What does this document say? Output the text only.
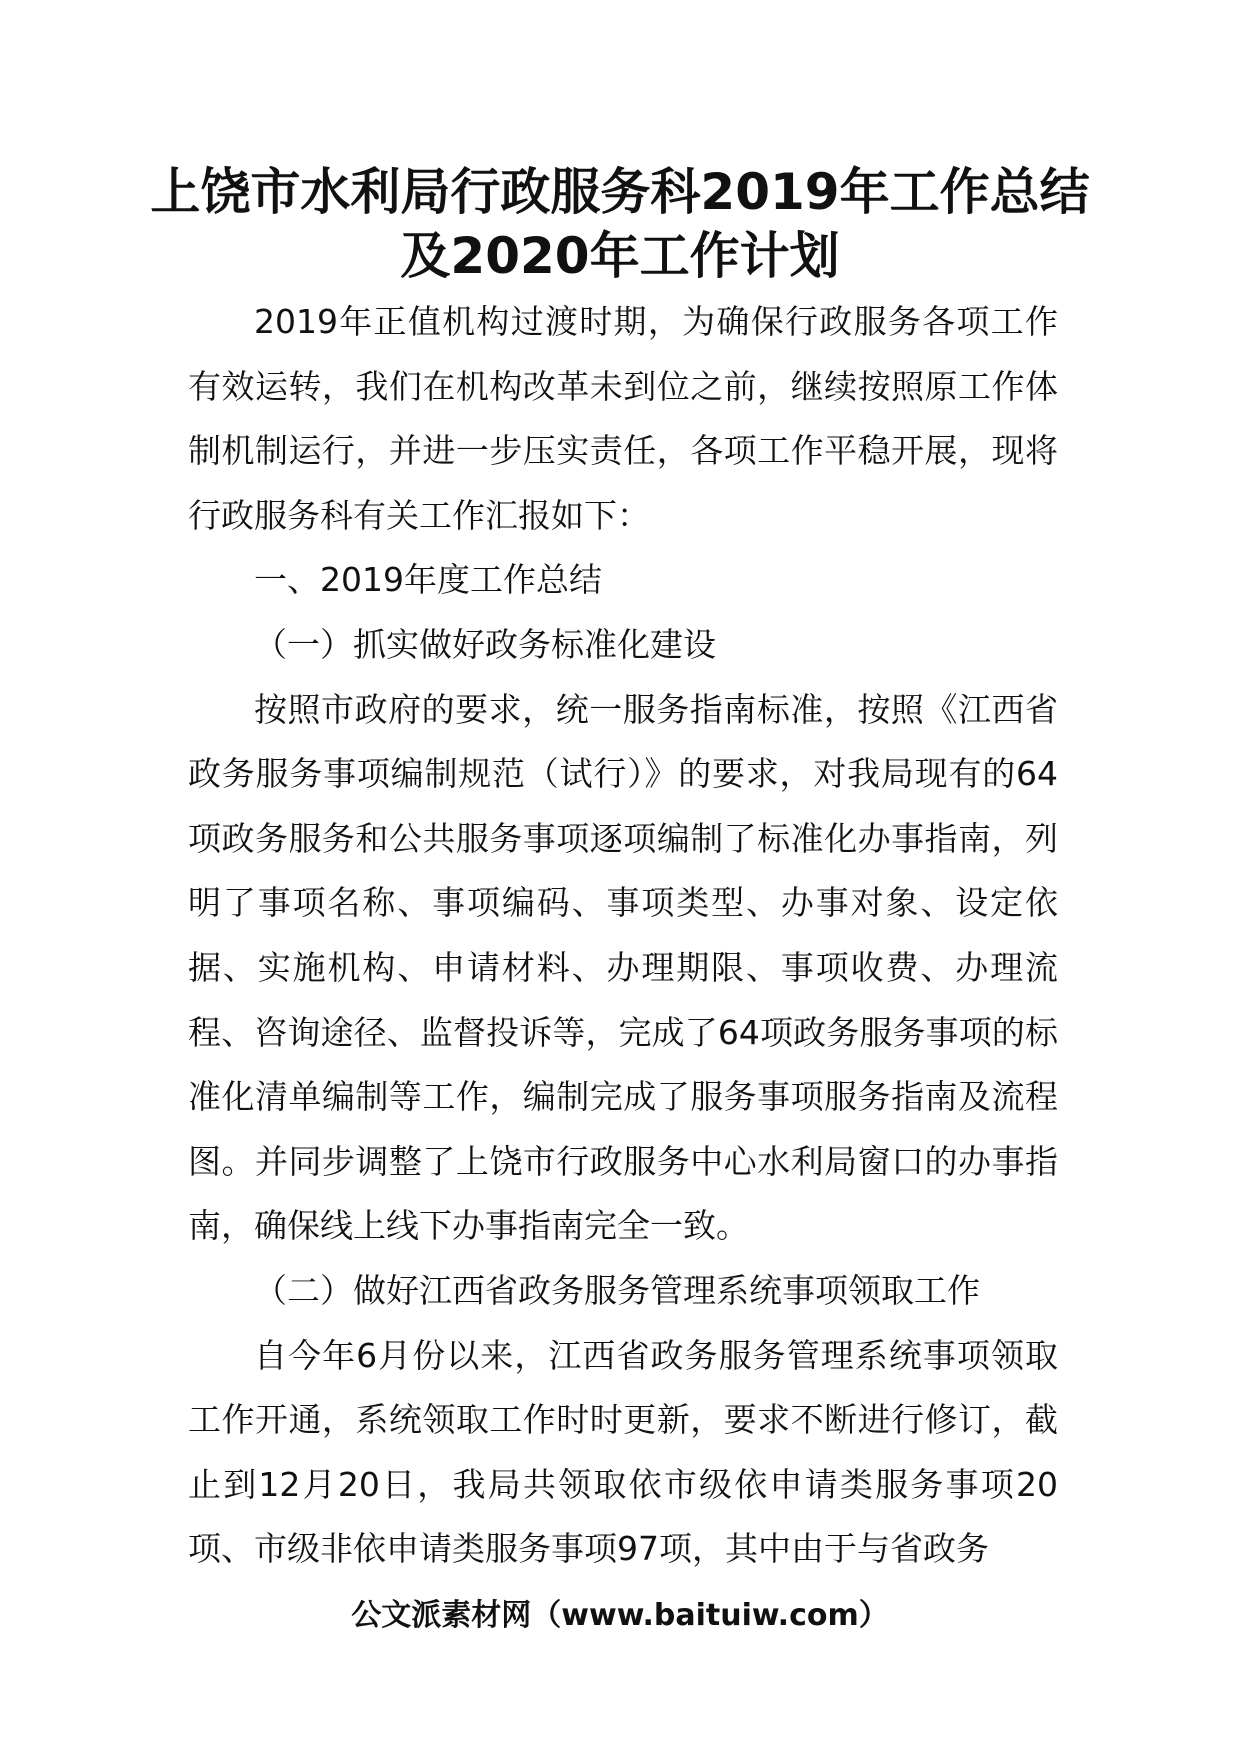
上饶市水利局行政服务科2019年工作总结
及2020年工作计划

2019年正值机构过渡时期，为确保行政服务各项工作有效运转，我们在机构改革未到位之前，继续按照原工作体制机制运行，并进一步压实责任，各项工作平稳开展，现将行政服务科有关工作汇报如下：

一、2019年度工作总结

（一）抓实做好政务标准化建设

按照市政府的要求，统一服务指南标准，按照《江西省政务服务事项编制规范（试行）》的要求，对我局现有的64项政务服务和公共服务事项逐项编制了标准化办事指南，列明了事项名称、事项编码、事项类型、办事对象、设定依据、实施机构、申请材料、办理期限、事项收费、办理流程、咨询途径、监督投诉等，完成了64项政务服务事项的标准化清单编制等工作，编制完成了服务事项服务指南及流程图。并同步调整了上饶市行政服务中心水利局窗口的办事指南，确保线上线下办事指南完全一致。

（二）做好江西省政务服务管理系统事项领取工作

自今年6月份以来，江西省政务服务管理系统事项领取工作开通，系统领取工作时时更新，要求不断进行修订，截止到12月20日，我局共领取依市级依申请类服务事项20项、市级非依申请类服务事项97项，其中由于与省政务

公文派素材网（www.baituiw.com）
